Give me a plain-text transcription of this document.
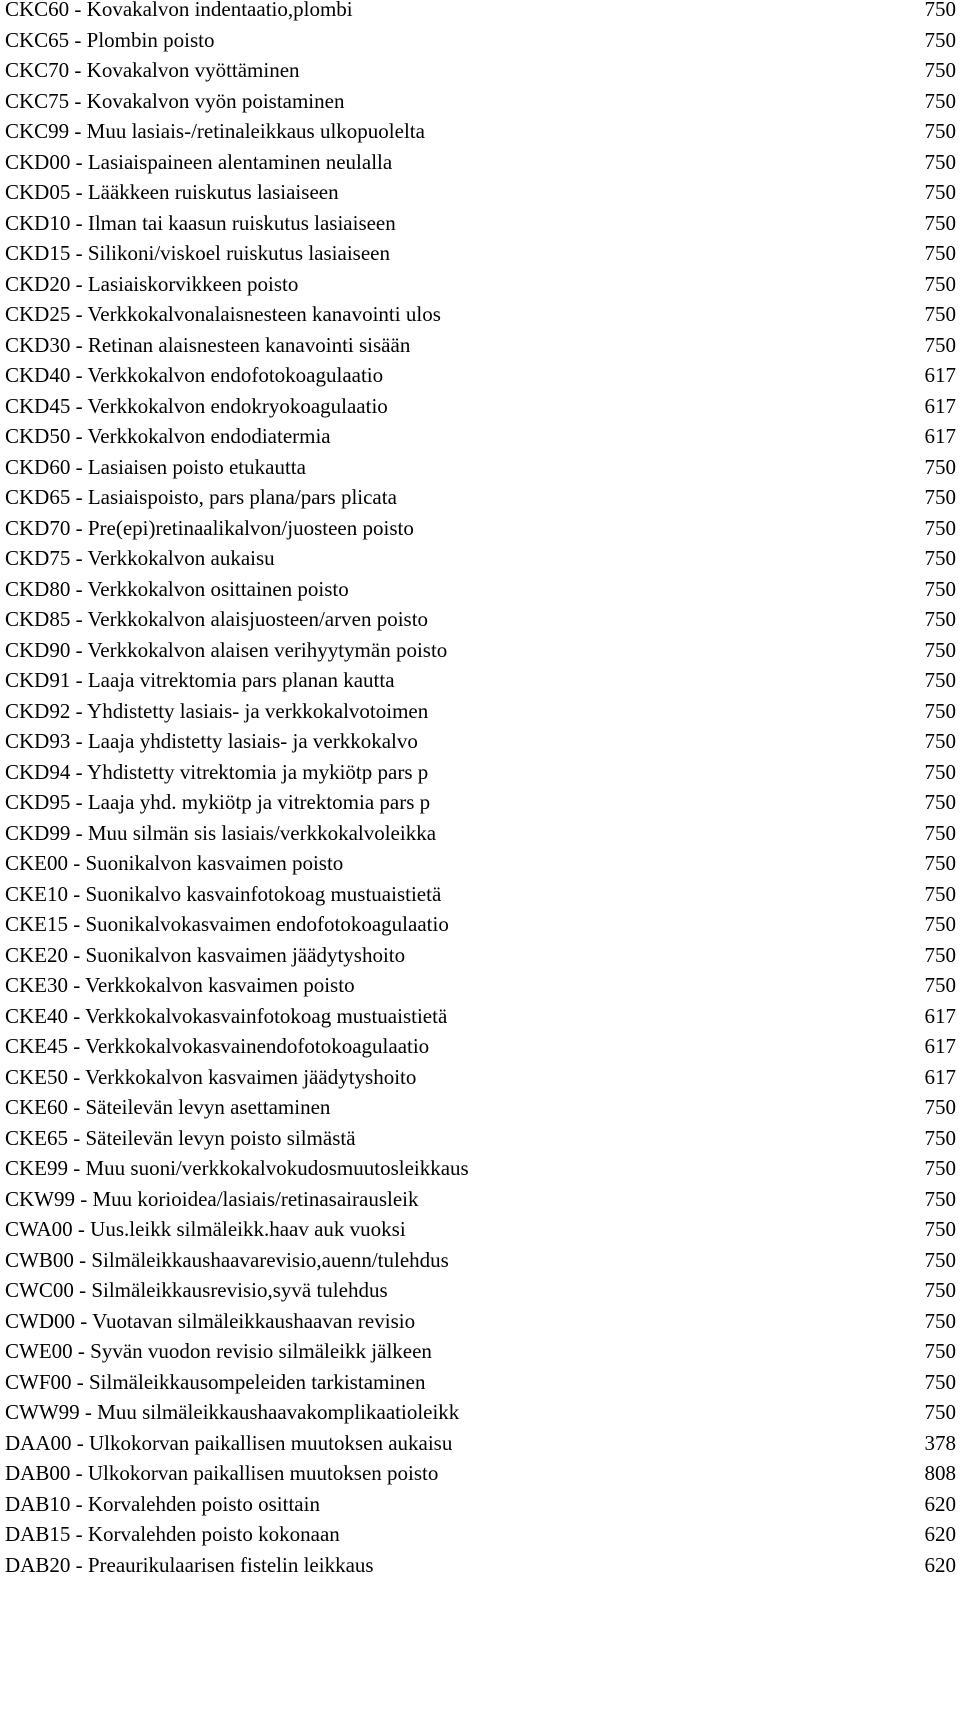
CKC60 - Kovakalvon indentaatio,plombi	750
CKC65 - Plombin poisto	750
CKC70 - Kovakalvon vyöttäminen	750
CKC75 - Kovakalvon vyön poistaminen	750
CKC99 - Muu lasiais-/retinaleikkaus ulkopuolelta	750
CKD00 - Lasiaispaineen alentaminen neulalla	750
CKD05 - Lääkkeen ruiskutus lasiaiseen	750
CKD10 - Ilman tai kaasun ruiskutus lasiaiseen	750
CKD15 - Silikoni/viskoel ruiskutus lasiaiseen	750
CKD20 - Lasiaiskorvikkeen poisto	750
CKD25 - Verkkokalvonalaisnesteen kanavointi ulos	750
CKD30 - Retinan alaisnesteen kanavointi sisään	750
CKD40 - Verkkokalvon endofotokoagulaatio	617
CKD45 - Verkkokalvon endokryokoagulaatio	617
CKD50 - Verkkokalvon endodiatermia	617
CKD60 - Lasiaisen poisto etukautta	750
CKD65 - Lasiaispoisto, pars plana/pars plicata	750
CKD70 - Pre(epi)retinaalikalvon/juosteen poisto	750
CKD75 - Verkkokalvon aukaisu	750
CKD80 - Verkkokalvon osittainen poisto	750
CKD85 - Verkkokalvon alaisjuosteen/arven poisto	750
CKD90 - Verkkokalvon alaisen verihyytymän poisto	750
CKD91 - Laaja vitrektomia pars planan kautta	750
CKD92 - Yhdistetty lasiais- ja verkkokalvotoimen	750
CKD93 - Laaja yhdistetty lasiais- ja verkkokalvo	750
CKD94 - Yhdistetty vitrektomia ja mykiötp pars p	750
CKD95 - Laaja yhd. mykiötp ja vitrektomia pars p	750
CKD99 - Muu silmän sis lasiais/verkkokalvoleikka	750
CKE00 - Suonikalvon kasvaimen poisto	750
CKE10 - Suonikalvo kasvainfotokoag mustuaistietä	750
CKE15 - Suonikalvokasvaimen endofotokoagulaatio	750
CKE20 - Suonikalvon kasvaimen jäädytyshoito	750
CKE30 - Verkkokalvon kasvaimen poisto	750
CKE40 - Verkkokalvokasvainfotokoag mustuaistietä	617
CKE45 - Verkkokalvokasvainendofotokoagulaatio	617
CKE50 - Verkkokalvon kasvaimen jäädytyshoito	617
CKE60 - Säteilevän levyn asettaminen	750
CKE65 - Säteilevän levyn poisto silmästä	750
CKE99 - Muu suoni/verkkokalvokudosmuutosleikkaus	750
CKW99 - Muu korioidea/lasiais/retinasairausleik	750
CWA00 - Uus.leikk silmäleikk.haav auk vuoksi	750
CWB00 - Silmäleikkaushaavarevisio,auenn/tulehdus	750
CWC00 - Silmäleikkausrevisio,syvä tulehdus	750
CWD00 - Vuotavan silmäleikkaushaavan revisio	750
CWE00 - Syvän vuodon revisio silmäleikk jälkeen	750
CWF00 - Silmäleikkausompeleiden tarkistaminen	750
CWW99 - Muu silmäleikkaushaavakomplikaatioleikk	750
DAA00 - Ulkokorvan paikallisen muutoksen aukaisu	378
DAB00 - Ulkokorvan paikallisen muutoksen poisto	808
DAB10 - Korvalehden poisto osittain	620
DAB15 - Korvalehden poisto kokonaan	620
DAB20 - Preaurikulaarisen fistelin leikkaus	620
